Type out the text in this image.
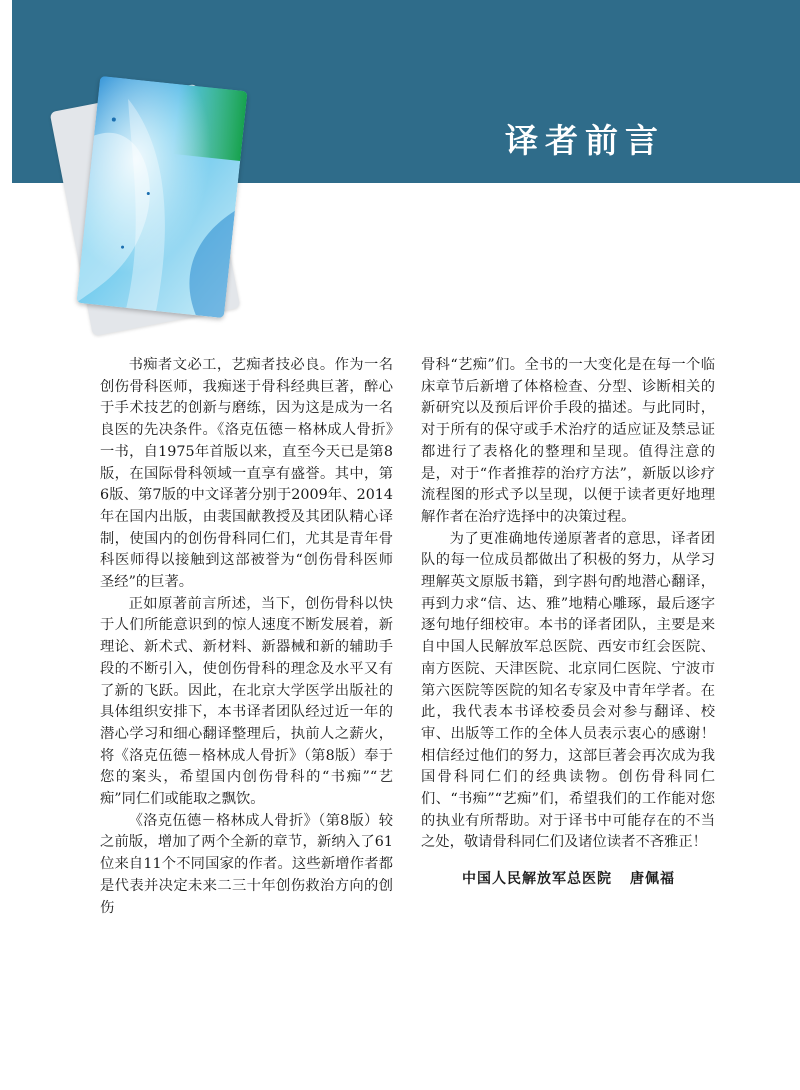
译者前言

书痴者文必工，艺痴者技必良。作为一名创伤骨科医师，我痴迷于骨科经典巨著，醉心于手术技艺的创新与磨练，因为这是成为一名良医的先决条件。《洛克伍德－格林成人骨折》一书，自1975年首版以来，直至今天已是第8版，在国际骨科领域一直享有盛誉。其中，第6版、第7版的中文译著分别于2009年、2014年在国内出版，由裴国献教授及其团队精心译制，使国内的创伤骨科同仁们，尤其是青年骨科医师得以接触到这部被誉为“创伤骨科医师圣经”的巨著。

正如原著前言所述，当下，创伤骨科以快于人们所能意识到的惊人速度不断发展着，新理论、新术式、新材料、新器械和新的辅助手段的不断引入，使创伤骨科的理念及水平又有了新的飞跃。因此，在北京大学医学出版社的具体组织安排下，本书译者团队经过近一年的潜心学习和细心翻译整理后，执前人之薪火，将《洛克伍德－格林成人骨折》（第8版）奉于您的案头，希望国内创伤骨科的“书痴”“艺痴”同仁们或能取之飘饮。

《洛克伍德－格林成人骨折》（第8版）较之前版，增加了两个全新的章节，新纳入了61位来自11个不同国家的作者。这些新增作者都是代表并决定未来二三十年创伤救治方向的创伤

骨科“艺痴”们。全书的一大变化是在每一个临床章节后新增了体格检查、分型、诊断相关的新研究以及预后评价手段的描述。与此同时，对于所有的保守或手术治疗的适应证及禁忌证都进行了表格化的整理和呈现。值得注意的是，对于“作者推荐的治疗方法”，新版以诊疗流程图的形式予以呈现，以便于读者更好地理解作者在治疗选择中的决策过程。

为了更准确地传递原著者的意思，译者团队的每一位成员都做出了积极的努力，从学习理解英文原版书籍，到字斟句酌地潜心翻译，再到力求“信、达、雅”地精心雕琢，最后逐字逐句地仔细校审。本书的译者团队，主要是来自中国人民解放军总医院、西安市红会医院、南方医院、天津医院、北京同仁医院、宁波市第六医院等医院的知名专家及中青年学者。在此，我代表本书译校委员会对参与翻译、校审、出版等工作的全体人员表示衷心的感谢！相信经过他们的努力，这部巨著会再次成为我国骨科同仁们的经典读物。创伤骨科同仁们、“书痴”“艺痴”们，希望我们的工作能对您的执业有所帮助。对于译书中可能存在的不当之处，敬请骨科同仁们及诸位读者不吝雅正！

中国人民解放军总医院 唐佩福
